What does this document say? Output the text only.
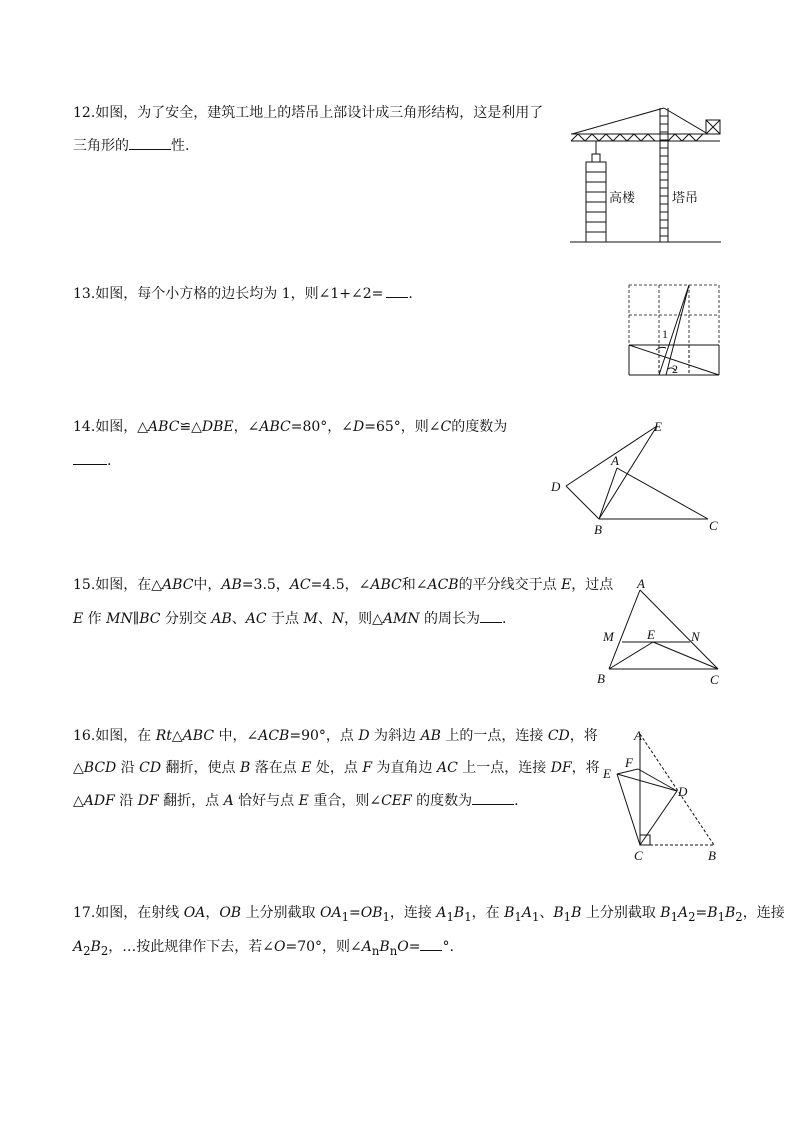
12.如图，为了安全，建筑工地上的塔吊上部设计成三角形结构，这是利用了
三角形的	性.
高楼	塔吊
13.如图，每个小方格的边长均为 1，则∠1+∠2= .
1
2
14.如图，△ABC≌△DBE，∠ABC=80°，∠D=65°，则∠C的度数为
.
E
A
D
B	C
15.如图，在△ABC中，AB=3.5，AC=4.5，∠ABC和∠ACB的平分线交于点 E，过点
E 作 MN∥BC 分别交 AB、AC 于点 M、N，则△AMN 的周长为 .
A
M	E	N
B	C
16.如图，在 Rt△ABC 中，∠ACB=90°，点 D 为斜边 AB 上的一点，连接 CD，将
△BCD 沿 CD 翻折，使点 B 落在点 E 处，点 F 为直角边 AC 上一点，连接 DF，将
△ADF 沿 DF 翻折，点 A 恰好与点 E 重合，则∠CEF 的度数为	.
A
F
E
D
C	B
17.如图，在射线 OA，OB 上分别截取 $OA_1=OB_1$，连接 $A_1B_1$，在 $B_1A_1$、$B_1B$ 上分别截取 $B_1A_2=B_1B_2$，连接
$A_2B_2$，…按此规律作下去，若∠O=70°，则$\angle A_nB_nO=$ °.
